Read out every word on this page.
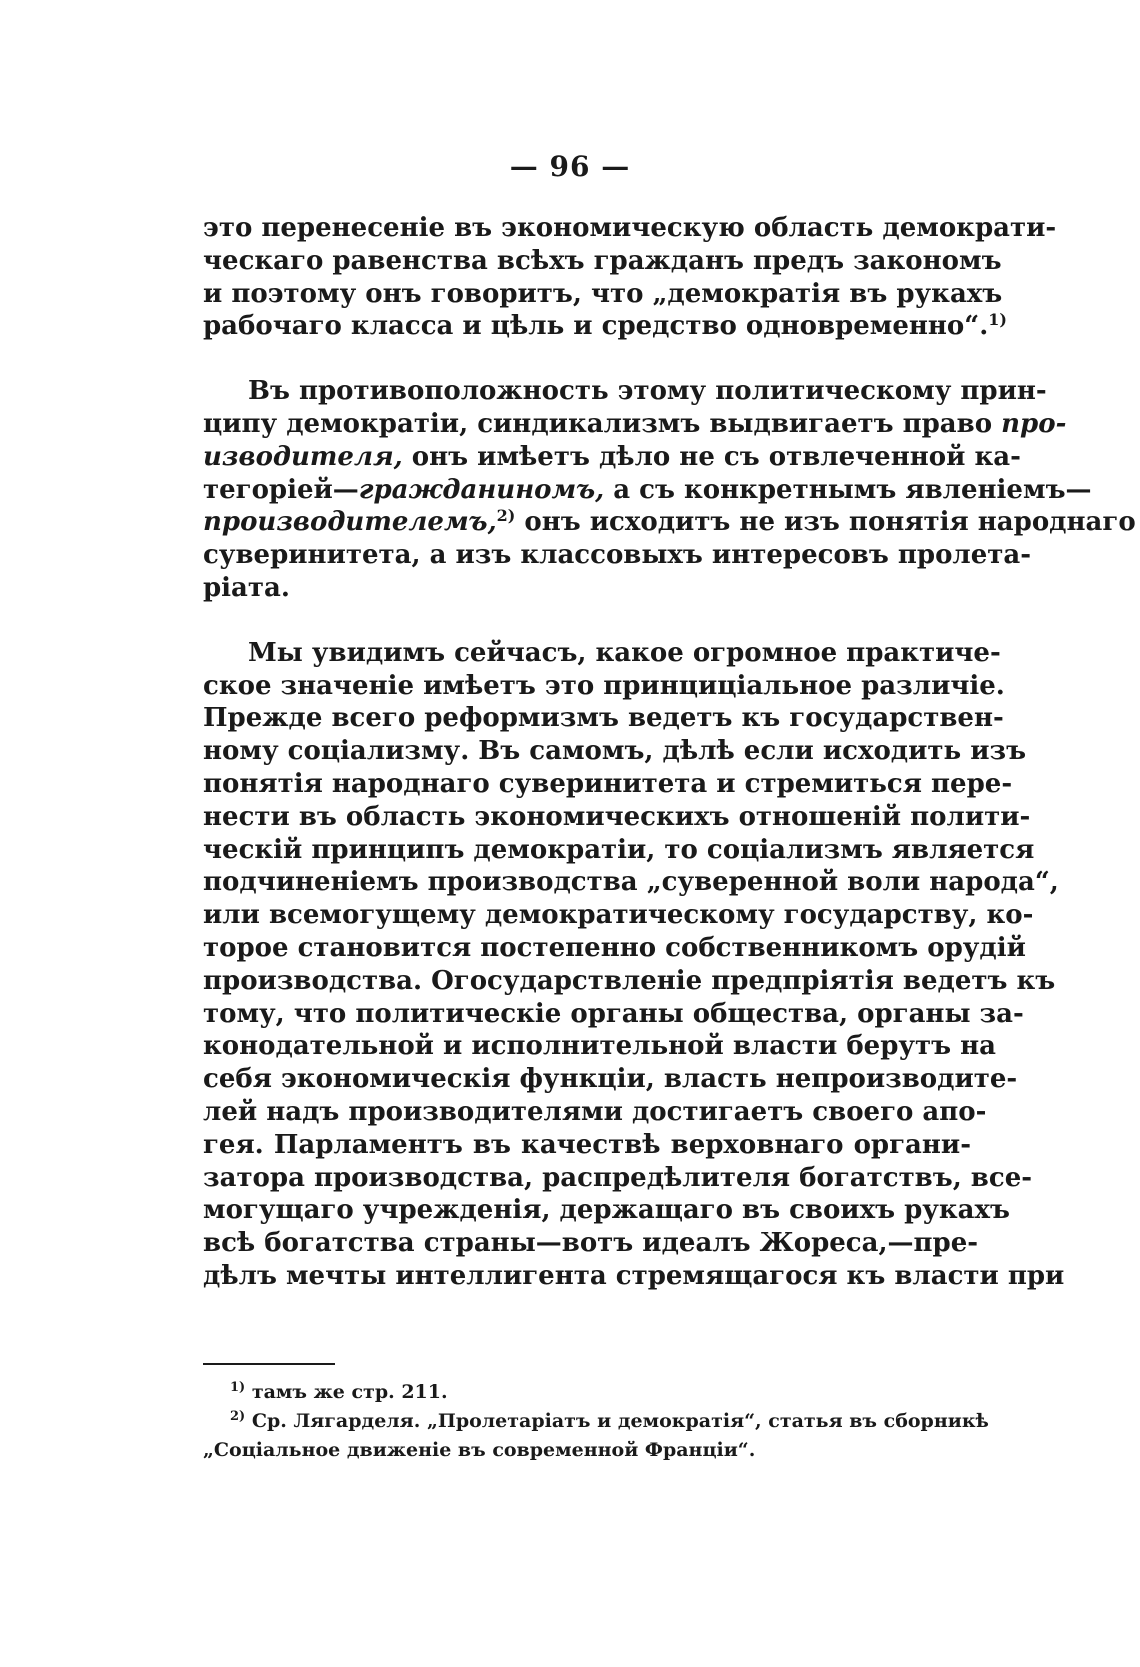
— 96 —

это перенесеніе въ экономическую область демократи-
ческаго равенства всѣхъ гражданъ предъ закономъ
и поэтому онъ говоритъ, что „демократія въ рукахъ
рабочаго класса и цѣль и средство одновременно“.$^{1)}$

Въ противоположность этому политическому прин-
ципу демократіи, синдикализмъ выдвигаетъ право про-
изводителя, онъ имѣетъ дѣло не съ отвлеченной ка-
тегоріей—гражданиномъ, а съ конкретнымъ явленіемъ—
производителемъ,$^{2)}$ онъ исходитъ не изъ понятія народнаго
суверинитета, а изъ классовыхъ интересовъ пролета-
ріата.

Мы увидимъ сейчасъ, какое огромное практиче-
ское значеніе имѣетъ это принциціальное различіе.
Прежде всего реформизмъ ведетъ къ государствен-
ному соціализму. Въ самомъ, дѣлѣ если исходить изъ
понятія народнаго суверинитета и стремиться пере-
нести въ область экономическихъ отношеній полити-
ческій принципъ демократіи, то соціализмъ является
подчиненіемъ производства „суверенной воли народа“,
или всемогущему демократическому государству, ко-
торое становится постепенно собственникомъ орудій
производства. Огосударствленіе предпріятія ведетъ къ
тому, что политическіе органы общества, органы за-
конодательной и исполнительной власти берутъ на
себя экономическія функціи, власть непроизводите-
лей надъ производителями достигаетъ своего апо-
гея. Парламентъ въ качествѣ верховнаго органи-
затора производства, распредѣлителя богатствъ, все-
могущаго учрежденія, держащаго въ своихъ рукахъ
всѣ богатства страны—вотъ идеалъ Жореса,—пре-
дѣлъ мечты интеллигента стремящагося къ власти при

$^{1)}$ тамъ же стр. 211.
$^{2)}$ Ср. Лягарделя. „Пролетаріатъ и демократія“, статья въ сборникѣ
„Соціальное движеніе въ современной Франціи“.
